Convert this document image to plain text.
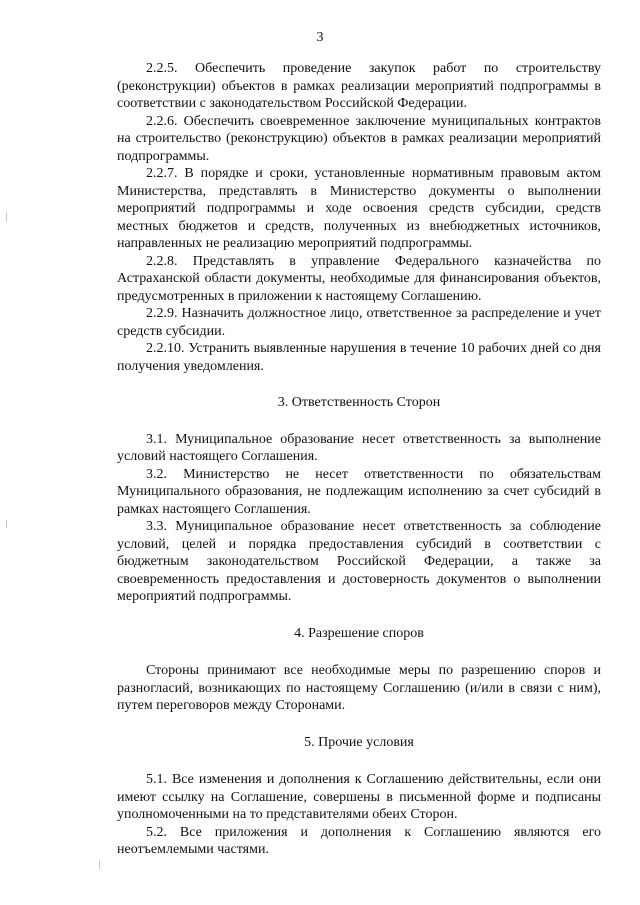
3

2.2.5. Обеспечить проведение закупок работ по строительству (реконструкции) объектов в рамках реализации мероприятий подпрограммы в соответствии с законодательством Российской Федерации.

2.2.6. Обеспечить своевременное заключение муниципальных контрактов на строительство (реконструкцию) объектов в рамках реализации мероприятий подпрограммы.

2.2.7. В порядке и сроки, установленные нормативным правовым актом Министерства, представлять в Министерство документы о выполнении мероприятий подпрограммы и ходе освоения средств субсидии, средств местных бюджетов и средств, полученных из внебюджетных источников, направленных не реализацию мероприятий подпрограммы.

2.2.8. Представлять в управление Федерального казначейства по Астраханской области документы, необходимые для финансирования объектов, предусмотренных в приложении к настоящему Соглашению.

2.2.9. Назначить должностное лицо, ответственное за распределение и учет средств субсидии.

2.2.10. Устранить выявленные нарушения в течение 10 рабочих дней со дня получения уведомления.

3. Ответственность Сторон

3.1. Муниципальное образование несет ответственность за выполнение условий настоящего Соглашения.

3.2. Министерство не несет ответственности по обязательствам Муниципального образования, не подлежащим исполнению за счет субсидий в рамках настоящего Соглашения.

3.3. Муниципальное образование несет ответственность за соблюдение условий, целей и порядка предоставления субсидий в соответствии с бюджетным законодательством Российской Федерации, а также за своевременность предоставления и достоверность документов о выполнении мероприятий подпрограммы.

4. Разрешение споров

Стороны принимают все необходимые меры по разрешению споров и разногласий, возникающих по настоящему Соглашению (и/или в связи с ним), путем переговоров между Сторонами.

5. Прочие условия

5.1. Все изменения и дополнения к Соглашению действительны, если они имеют ссылку на Соглашение, совершены в письменной форме и подписаны уполномоченными на то представителями обеих Сторон.

5.2. Все приложения и дополнения к Соглашению являются его неотъемлемыми частями.
